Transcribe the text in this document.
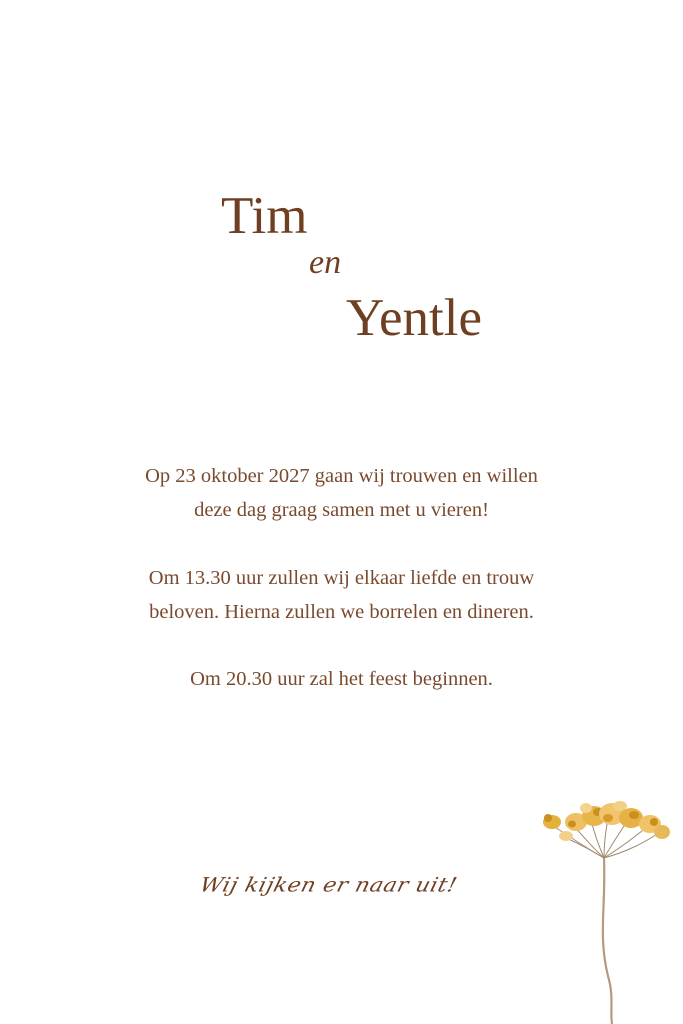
Tim
en
Yentle
Op 23 oktober 2027 gaan wij trouwen en willen
deze dag graag samen met u vieren!
Om 13.30 uur zullen wij elkaar liefde en trouw
beloven. Hierna zullen we borrelen en dineren.
Om 20.30 uur zal het feest beginnen.
Wij kijken er naar uit!
